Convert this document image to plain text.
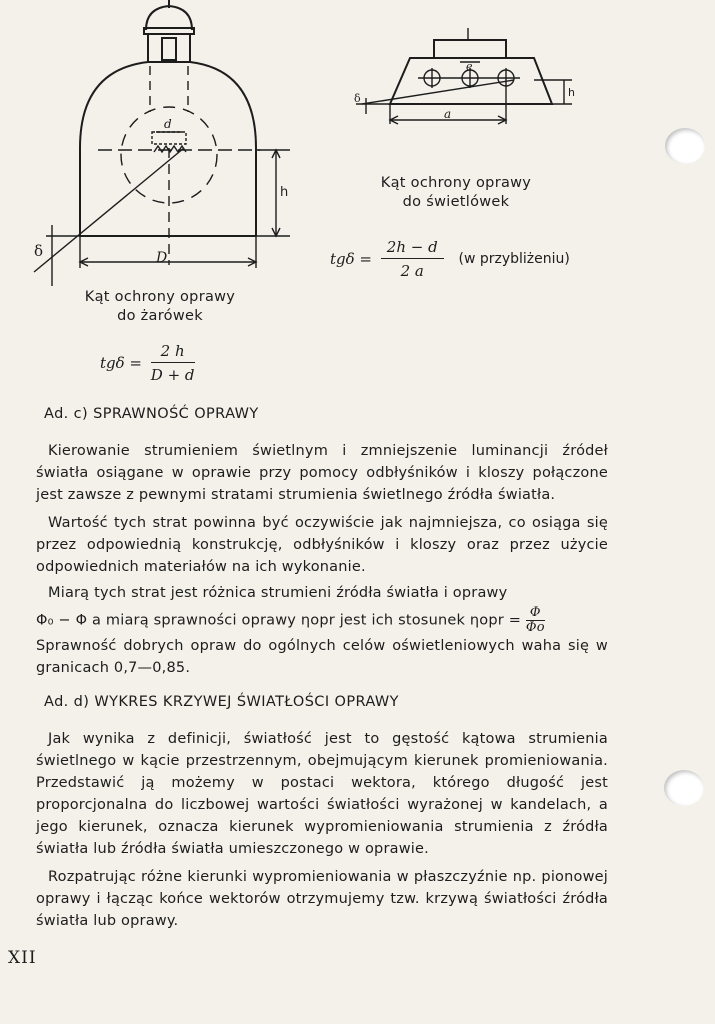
d
h
D
δ
e
δ	h
a
Kąt ochrony oprawy
do żarówek
Kąt ochrony oprawy
do świetlówek
$tg\delta = \frac{2 h}{D + d}$
$tg\delta = \frac{2h - d}{2 a} (w$ przybliżeniu)
Ad. c) SPRAWNOŚĆ OPRAWY
Kierowanie strumieniem świetlnym i zmniejszenie luminancji źródeł światła osiągane w oprawie przy pomocy odbłyśników i kloszy połączone jest zawsze z pewnymi stratami strumienia świetlnego źródła światła.
Wartość tych strat powinna być oczywiście jak najmniejsza, co osiąga się przez odpowiednią konstrukcję, odbłyśników i kloszy oraz przez użycie odpowiednich materiałów na ich wykonanie.
Miarą tych strat jest różnica strumieni źródła światła i oprawy
Φ₀ − Φ a miarą sprawności oprawy ηopr jest ich stosunek $\eta opr = \frac{\Phi}{\Phi o}$
Sprawność dobrych opraw do ogólnych celów oświetleniowych waha się w granicach 0,7—0,85.
Ad. d) WYKRES KRZYWEJ ŚWIATŁOŚCI OPRAWY
Jak wynika z definicji, światłość jest to gęstość kątowa strumienia świetlnego w kącie przestrzennym, obejmującym kierunek promieniowania. Przedstawić ją możemy w postaci wektora, którego długość jest proporcjonalna do liczbowej wartości światłości wyrażonej w kandelach, a jego kierunek, oznacza kierunek wypromieniowania strumienia z źródła światła lub źródła światła umieszczonego w oprawie.
Rozpatrując różne kierunki wypromieniowania w płaszczyźnie np. pionowej oprawy i łącząc końce wektorów otrzymujemy tzw. krzywą światłości źródła światła lub oprawy.
XII
